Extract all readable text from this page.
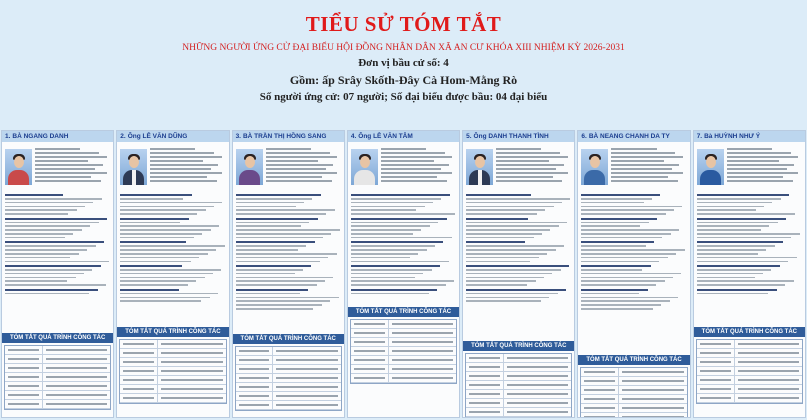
TIỂU SỬ TÓM TẮT
NHỮNG NGƯỜI ỨNG CỬ ĐẠI BIỂU HỘI ĐỒNG NHÂN DÂN XÃ AN CƯ KHÓA XIII NHIỆM KỲ 2026-2031
Đơn vị bầu cử số: 4
Gồm: ấp Srây Skốth-Đây Cà Hom-Mằng Rò
Số người ứng cử: 07 người; Số đại biểu được bầu: 04 đại biểu
1. BÀ NGANG DANH
TÓM TẮT QUÁ TRÌNH CÔNG TÁC
2. Ông LÊ VĂN DŨNG
TÓM TẮT QUÁ TRÌNH CÔNG TÁC
3. BÀ TRẦN THỊ HỒNG SANG
TÓM TẮT QUÁ TRÌNH CÔNG TÁC
4. Ông LÊ VĂN TÂM
TÓM TẮT QUÁ TRÌNH CÔNG TÁC
5. Ông DANH THANH TÌNH
TÓM TẮT QUÁ TRÌNH CÔNG TÁC
6. BÀ NEANG CHANH DA TY
TÓM TẮT QUÁ TRÌNH CÔNG TÁC
7. Bà HUỲNH NHƯ Ý
TÓM TẮT QUÁ TRÌNH CÔNG TÁC
